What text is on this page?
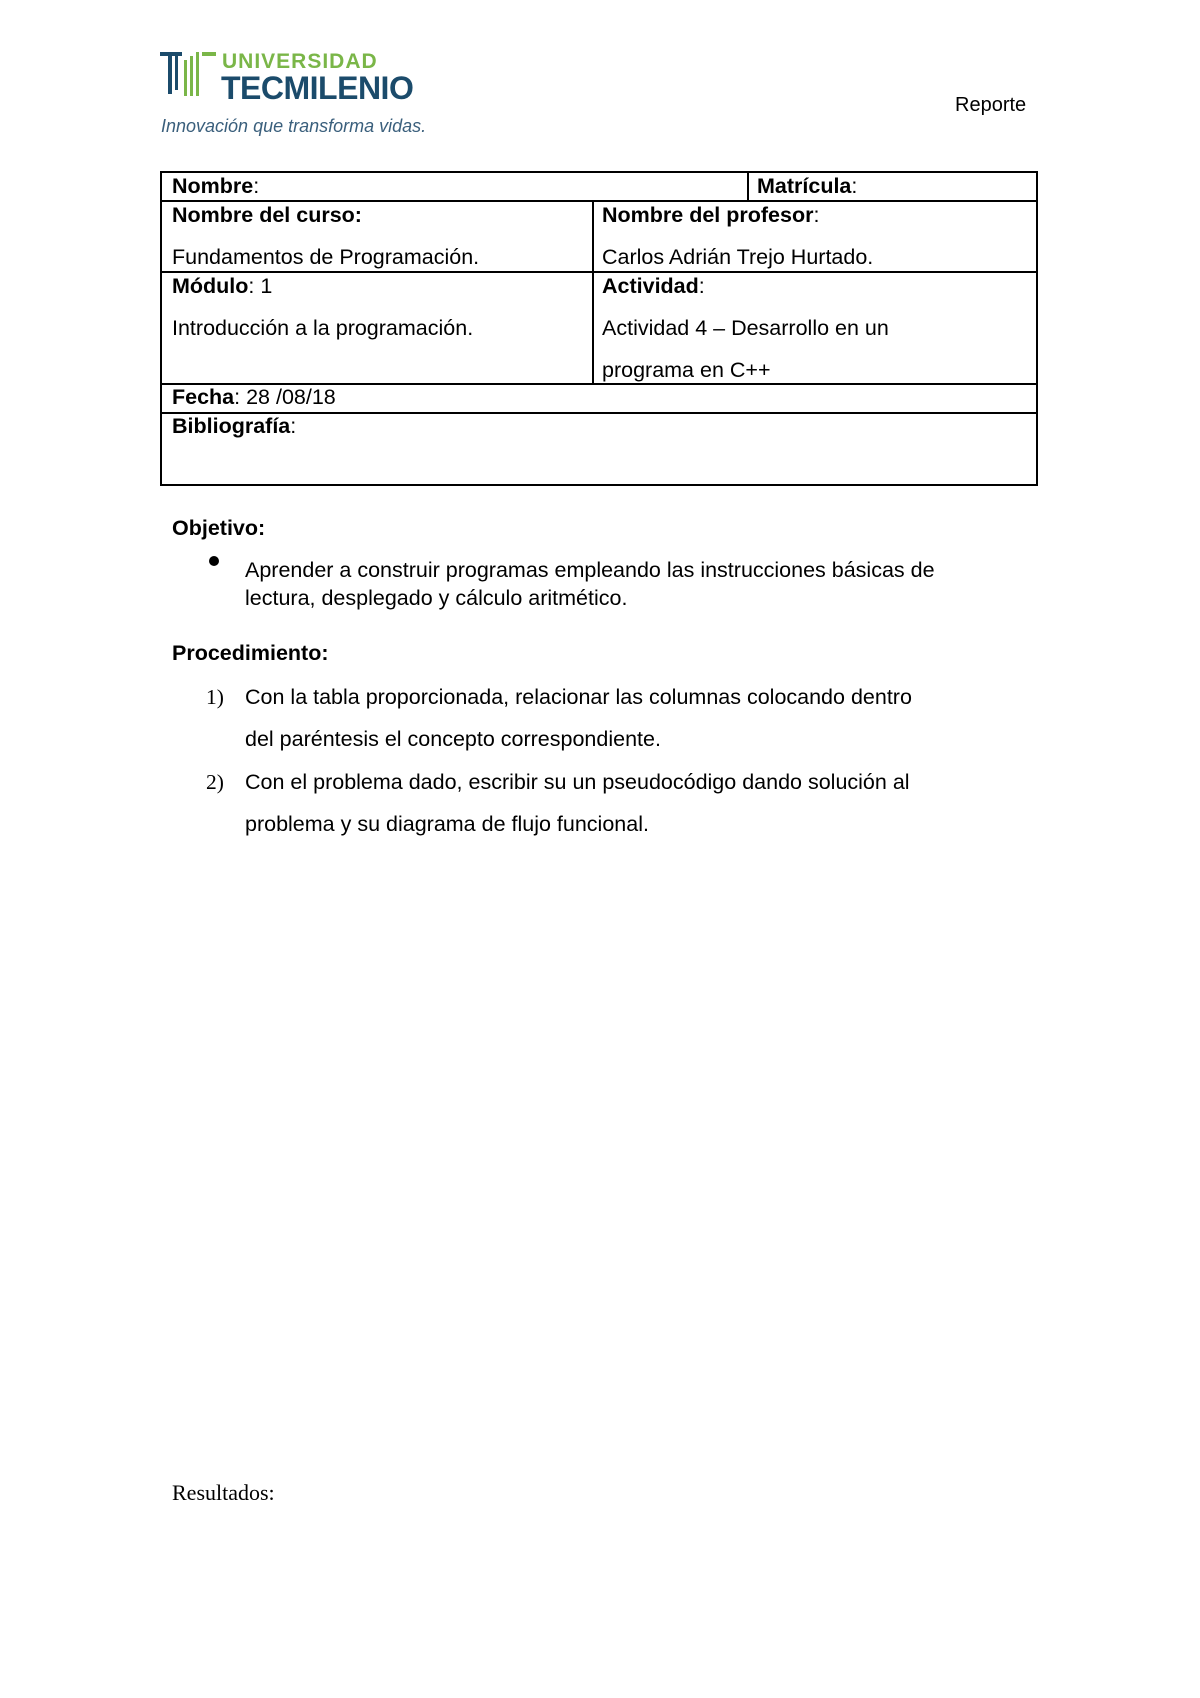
UNIVERSIDAD
TECMILENIO
Innovación que transforma vidas.
Reporte
Nombre:	Matrícula:
Nombre del curso:
Fundamentos de Programación.
Nombre del profesor:
Carlos Adrián Trejo Hurtado.
Módulo: 1
Introducción a la programación.
Actividad:
Actividad 4 – Desarrollo en un
programa en C++
Fecha: 28 /08/18
Bibliografía:
Objetivo:
Aprender a construir programas empleando las instrucciones básicas de
lectura, desplegado y cálculo aritmético.
Procedimiento:
1) Con la tabla proporcionada, relacionar las columnas colocando dentro
del paréntesis el concepto correspondiente.
2) Con el problema dado, escribir su un pseudocódigo dando solución al
problema y su diagrama de flujo funcional.
Resultados:
